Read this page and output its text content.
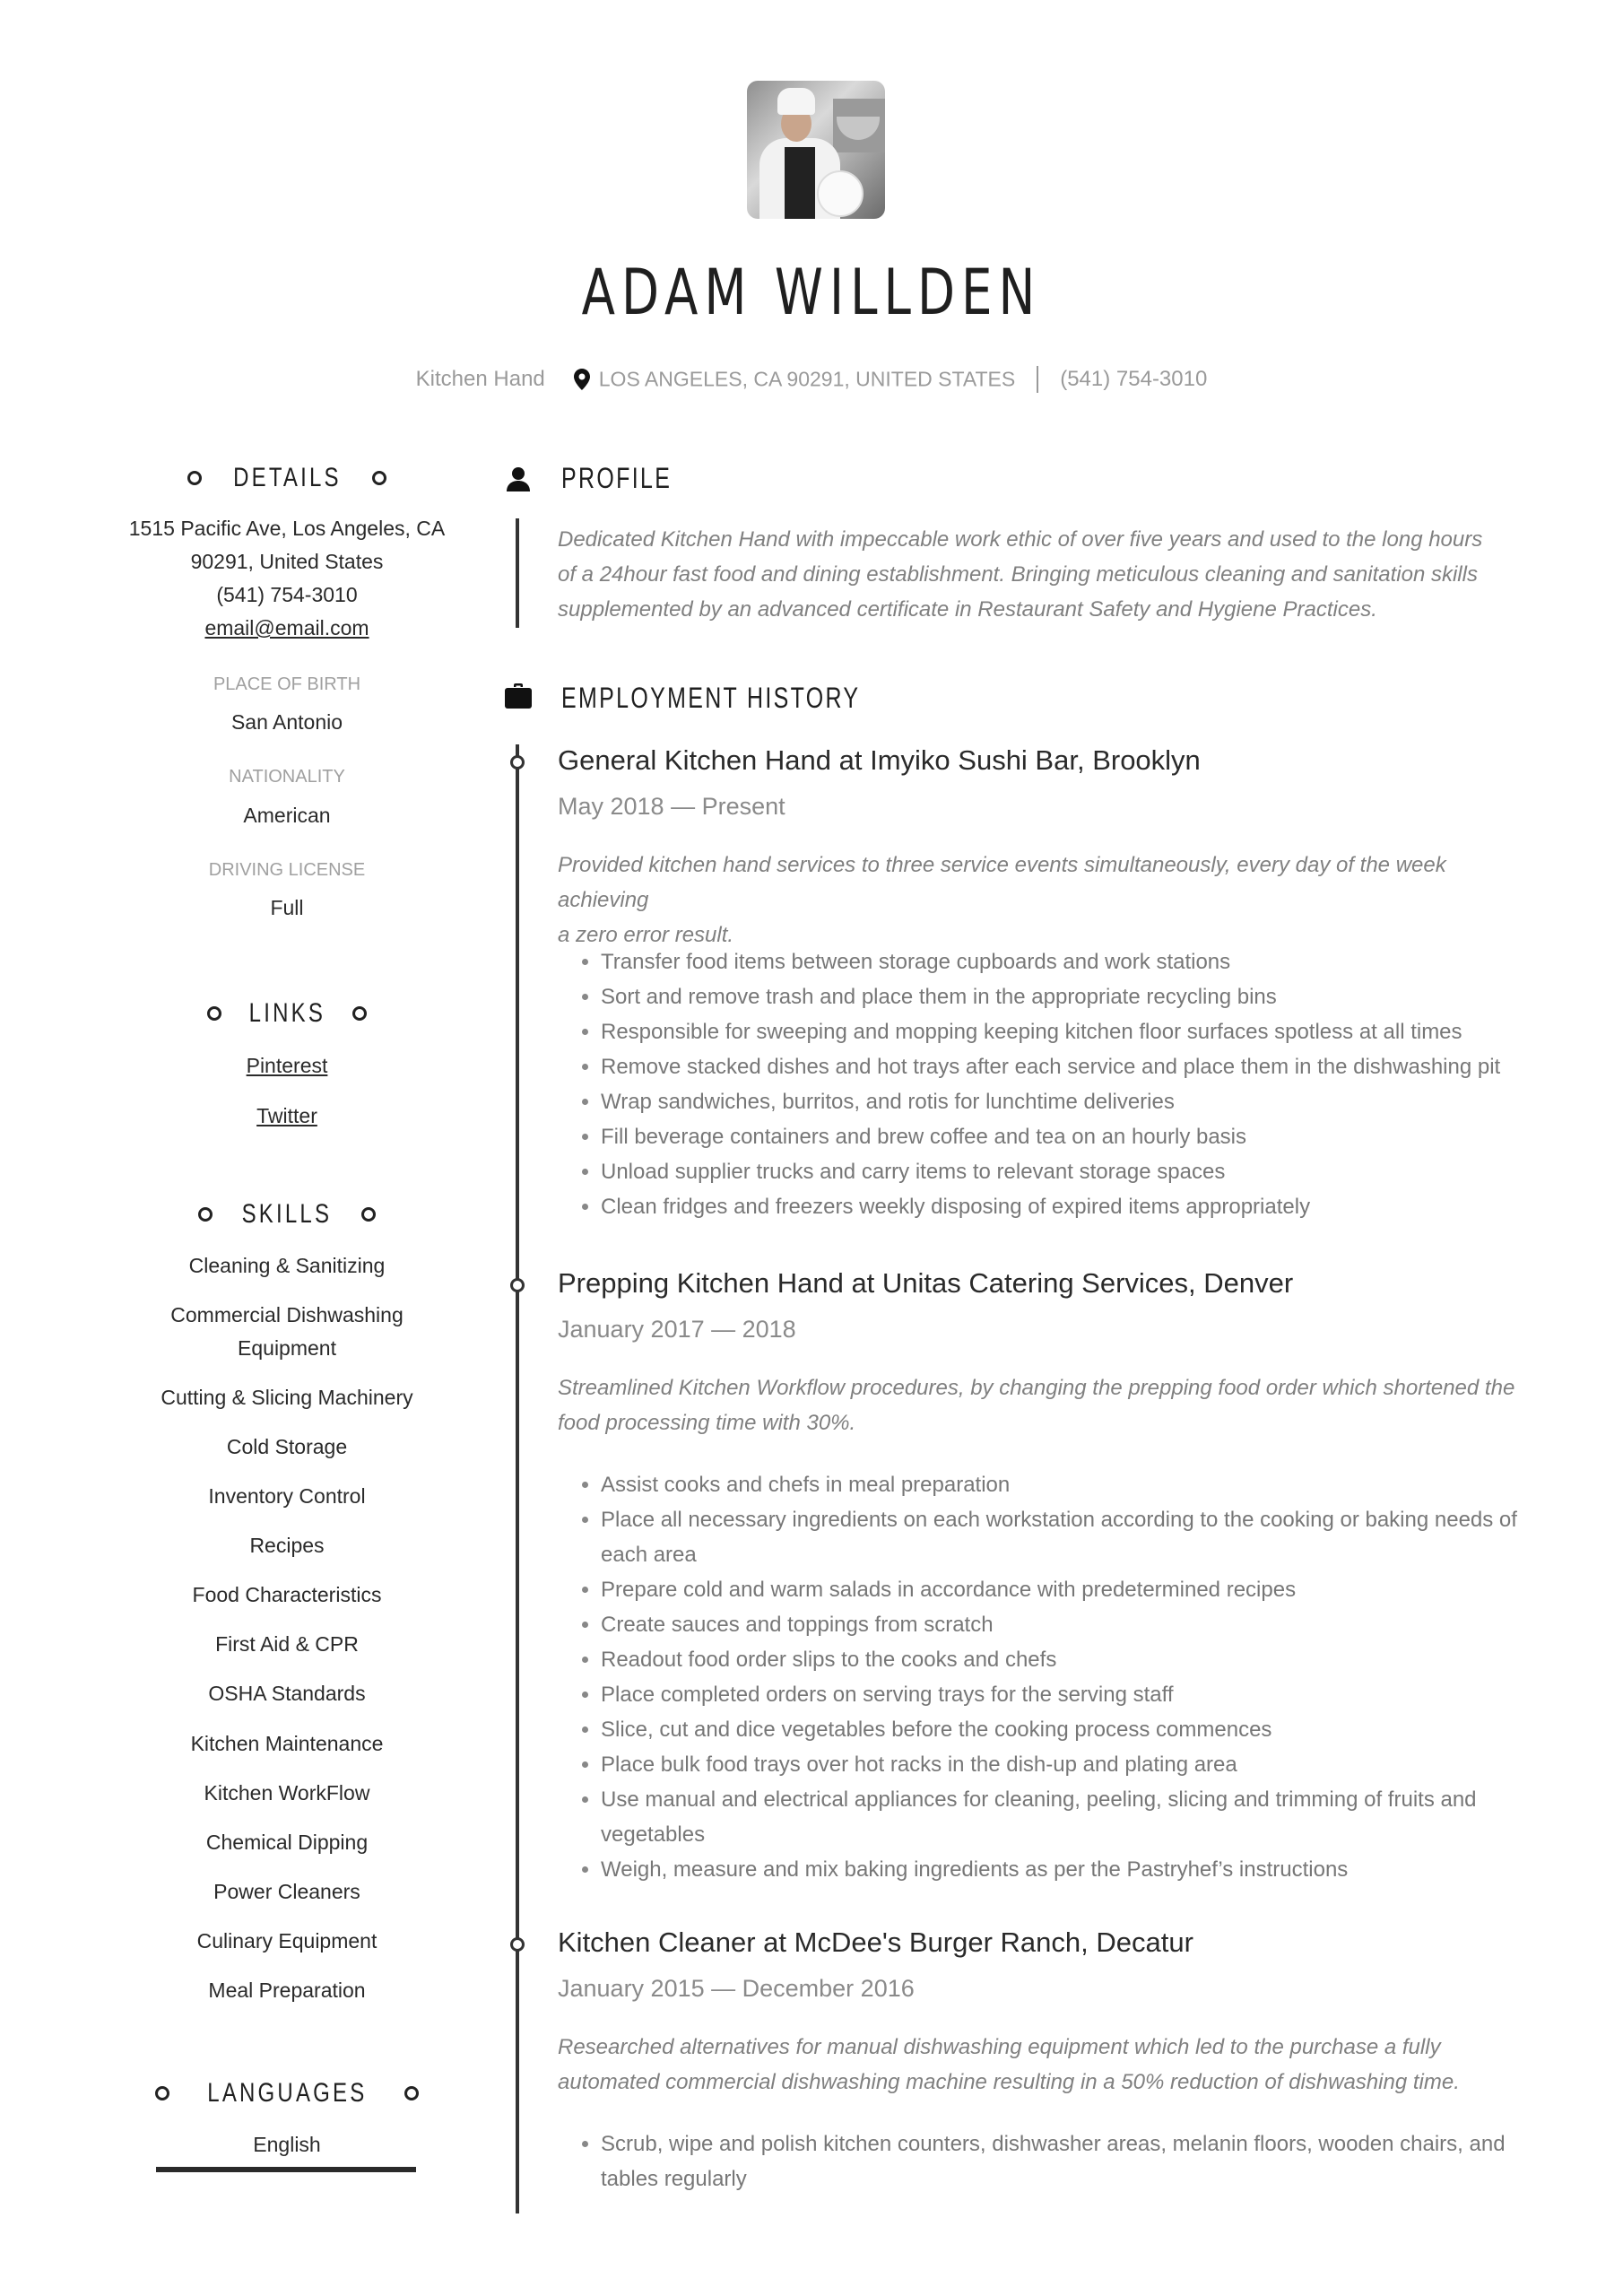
ADAM WILLDEN
Kitchen Hand	LOS ANGELES, CA 90291, UNITED STATES (541) 754-3010
DETAILS
1515 Pacific Ave, Los Angeles, CA
90291, United States
(541) 754-3010
email@email.com
PLACE OF BIRTH
San Antonio
NATIONALITY
American
DRIVING LICENSE
Full
LINKS
Pinterest
Twitter
SKILLS
Cleaning & Sanitizing
Commercial Dishwashing
Equipment
Cutting & Slicing Machinery
Cold Storage
Inventory Control
Recipes
Food Characteristics
First Aid & CPR
OSHA Standards
Kitchen Maintenance
Kitchen WorkFlow
Chemical Dipping
Power Cleaners
Culinary Equipment
Meal Preparation
LANGUAGES
English
PROFILE
Dedicated Kitchen Hand with impeccable work ethic of over five years and used to the long hours
of a 24hour fast food and dining establishment. Bringing meticulous cleaning and sanitation skills
supplemented by an advanced certificate in Restaurant Safety and Hygiene Practices.
EMPLOYMENT HISTORY
General Kitchen Hand at Imyiko Sushi Bar, Brooklyn
May 2018 — Present
Provided kitchen hand services to three service events simultaneously, every day of the week achieving
a zero error result.
• Transfer food items between storage cupboards and work stations
• Sort and remove trash and place them in the appropriate recycling bins
• Responsible for sweeping and mopping keeping kitchen floor surfaces spotless at all times
• Remove stacked dishes and hot trays after each service and place them in the dishwashing pit
• Wrap sandwiches, burritos, and rotis for lunchtime deliveries
• Fill beverage containers and brew coffee and tea on an hourly basis
• Unload supplier trucks and carry items to relevant storage spaces
• Clean fridges and freezers weekly disposing of expired items appropriately
Prepping Kitchen Hand at Unitas Catering Services, Denver
January 2017 — 2018
Streamlined Kitchen Workflow procedures, by changing the prepping food order which shortened the
food processing time with 30%.
• Assist cooks and chefs in meal preparation
• Place all necessary ingredients on each workstation according to the cooking or baking needs of each area
• Prepare cold and warm salads in accordance with predetermined recipes
• Create sauces and toppings from scratch
• Readout food order slips to the cooks and chefs
• Place completed orders on serving trays for the serving staff
• Slice, cut and dice vegetables before the cooking process commences
• Place bulk food trays over hot racks in the dish-up and plating area
• Use manual and electrical appliances for cleaning, peeling, slicing and trimming of fruits and vegetables
• Weigh, measure and mix baking ingredients as per the Pastryhef’s instructions
Kitchen Cleaner at McDee's Burger Ranch, Decatur
January 2015 — December 2016
Researched alternatives for manual dishwashing equipment which led to the purchase a fully
automated commercial dishwashing machine resulting in a 50% reduction of dishwashing time.
• Scrub, wipe and polish kitchen counters, dishwasher areas, melanin floors, wooden chairs, and tables regularly
